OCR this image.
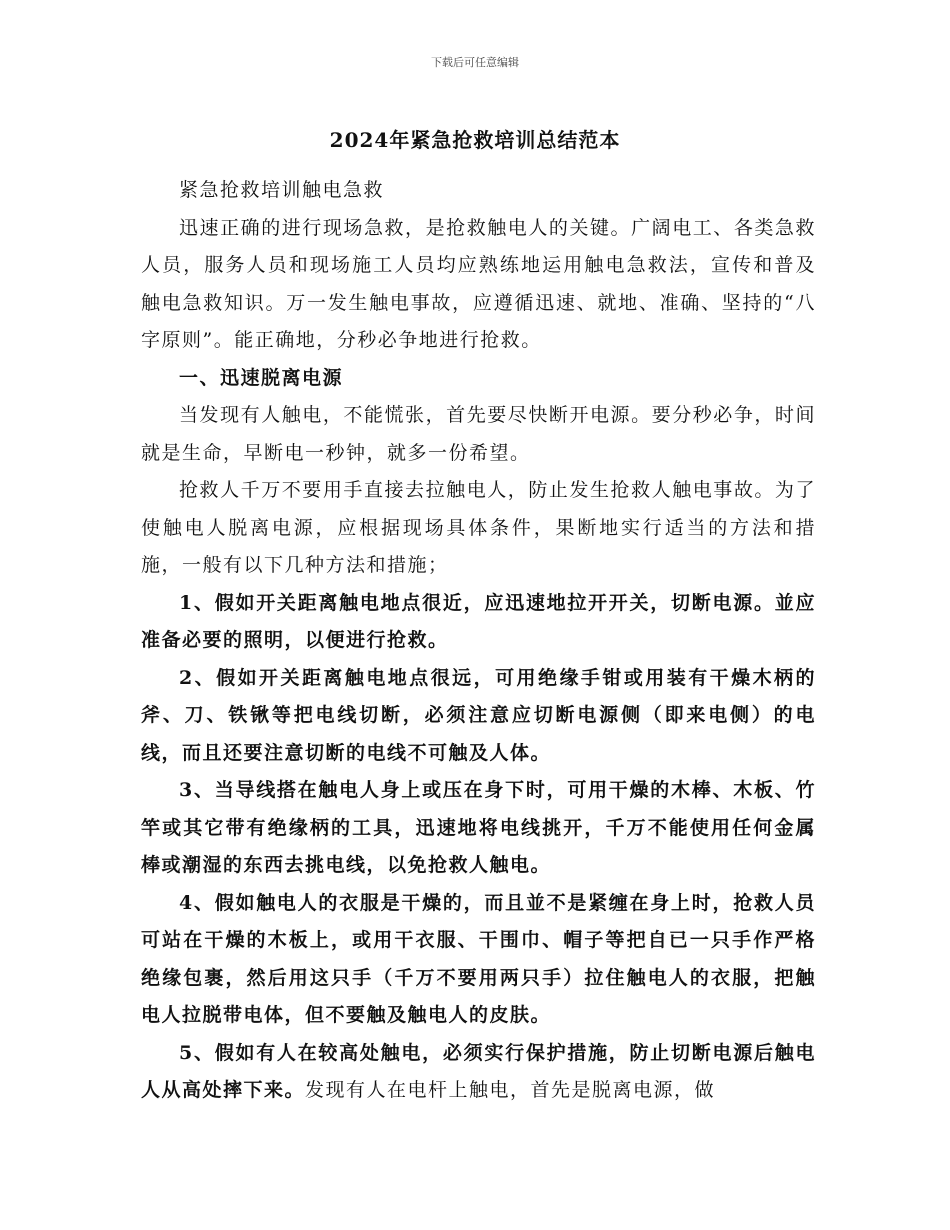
下载后可任意编辑
2024年紧急抢救培训总结范本

紧急抢救培训触电急救

迅速正确的进行现场急救，是抢救触电人的关键。广阔电工、各类急救人员，服务人员和现场施工人员均应熟练地运用触电急救法，宣传和普及触电急救知识。万一发生触电事故，应遵循迅速、就地、准确、坚持的“八字原则”。能正确地，分秒必争地进行抢救。

一、迅速脱离电源

当发现有人触电，不能慌张，首先要尽快断开电源。要分秒必争，时间就是生命，早断电一秒钟，就多一份希望。

抢救人千万不要用手直接去拉触电人，防止发生抢救人触电事故。为了使触电人脱离电源，应根据现场具体条件，果断地实行适当的方法和措施，一般有以下几种方法和措施；

1、假如开关距离触电地点很近，应迅速地拉开开关，切断电源。並应准备必要的照明，以便进行抢救。

2、假如开关距离触电地点很远，可用绝缘手钳或用装有干燥木柄的斧、刀、铁锹等把电线切断，必须注意应切断电源侧（即来电侧）的电线，而且还要注意切断的电线不可触及人体。

3、当导线搭在触电人身上或压在身下时，可用干燥的木棒、木板、竹竿或其它带有绝缘柄的工具，迅速地将电线挑开，千万不能使用任何金属棒或潮湿的东西去挑电线，以免抢救人触电。

4、假如触电人的衣服是干燥的，而且並不是紧缠在身上时，抢救人员可站在干燥的木板上，或用干衣服、干围巾、帽子等把自已一只手作严格绝缘包裹，然后用这只手（千万不要用两只手）拉住触电人的衣服，把触电人拉脱带电体，但不要触及触电人的皮肤。

5、假如有人在较高处触电，必须实行保护措施，防止切断电源后触电人从高处摔下来。发现有人在电杆上触电，首先是脱离电源，做
